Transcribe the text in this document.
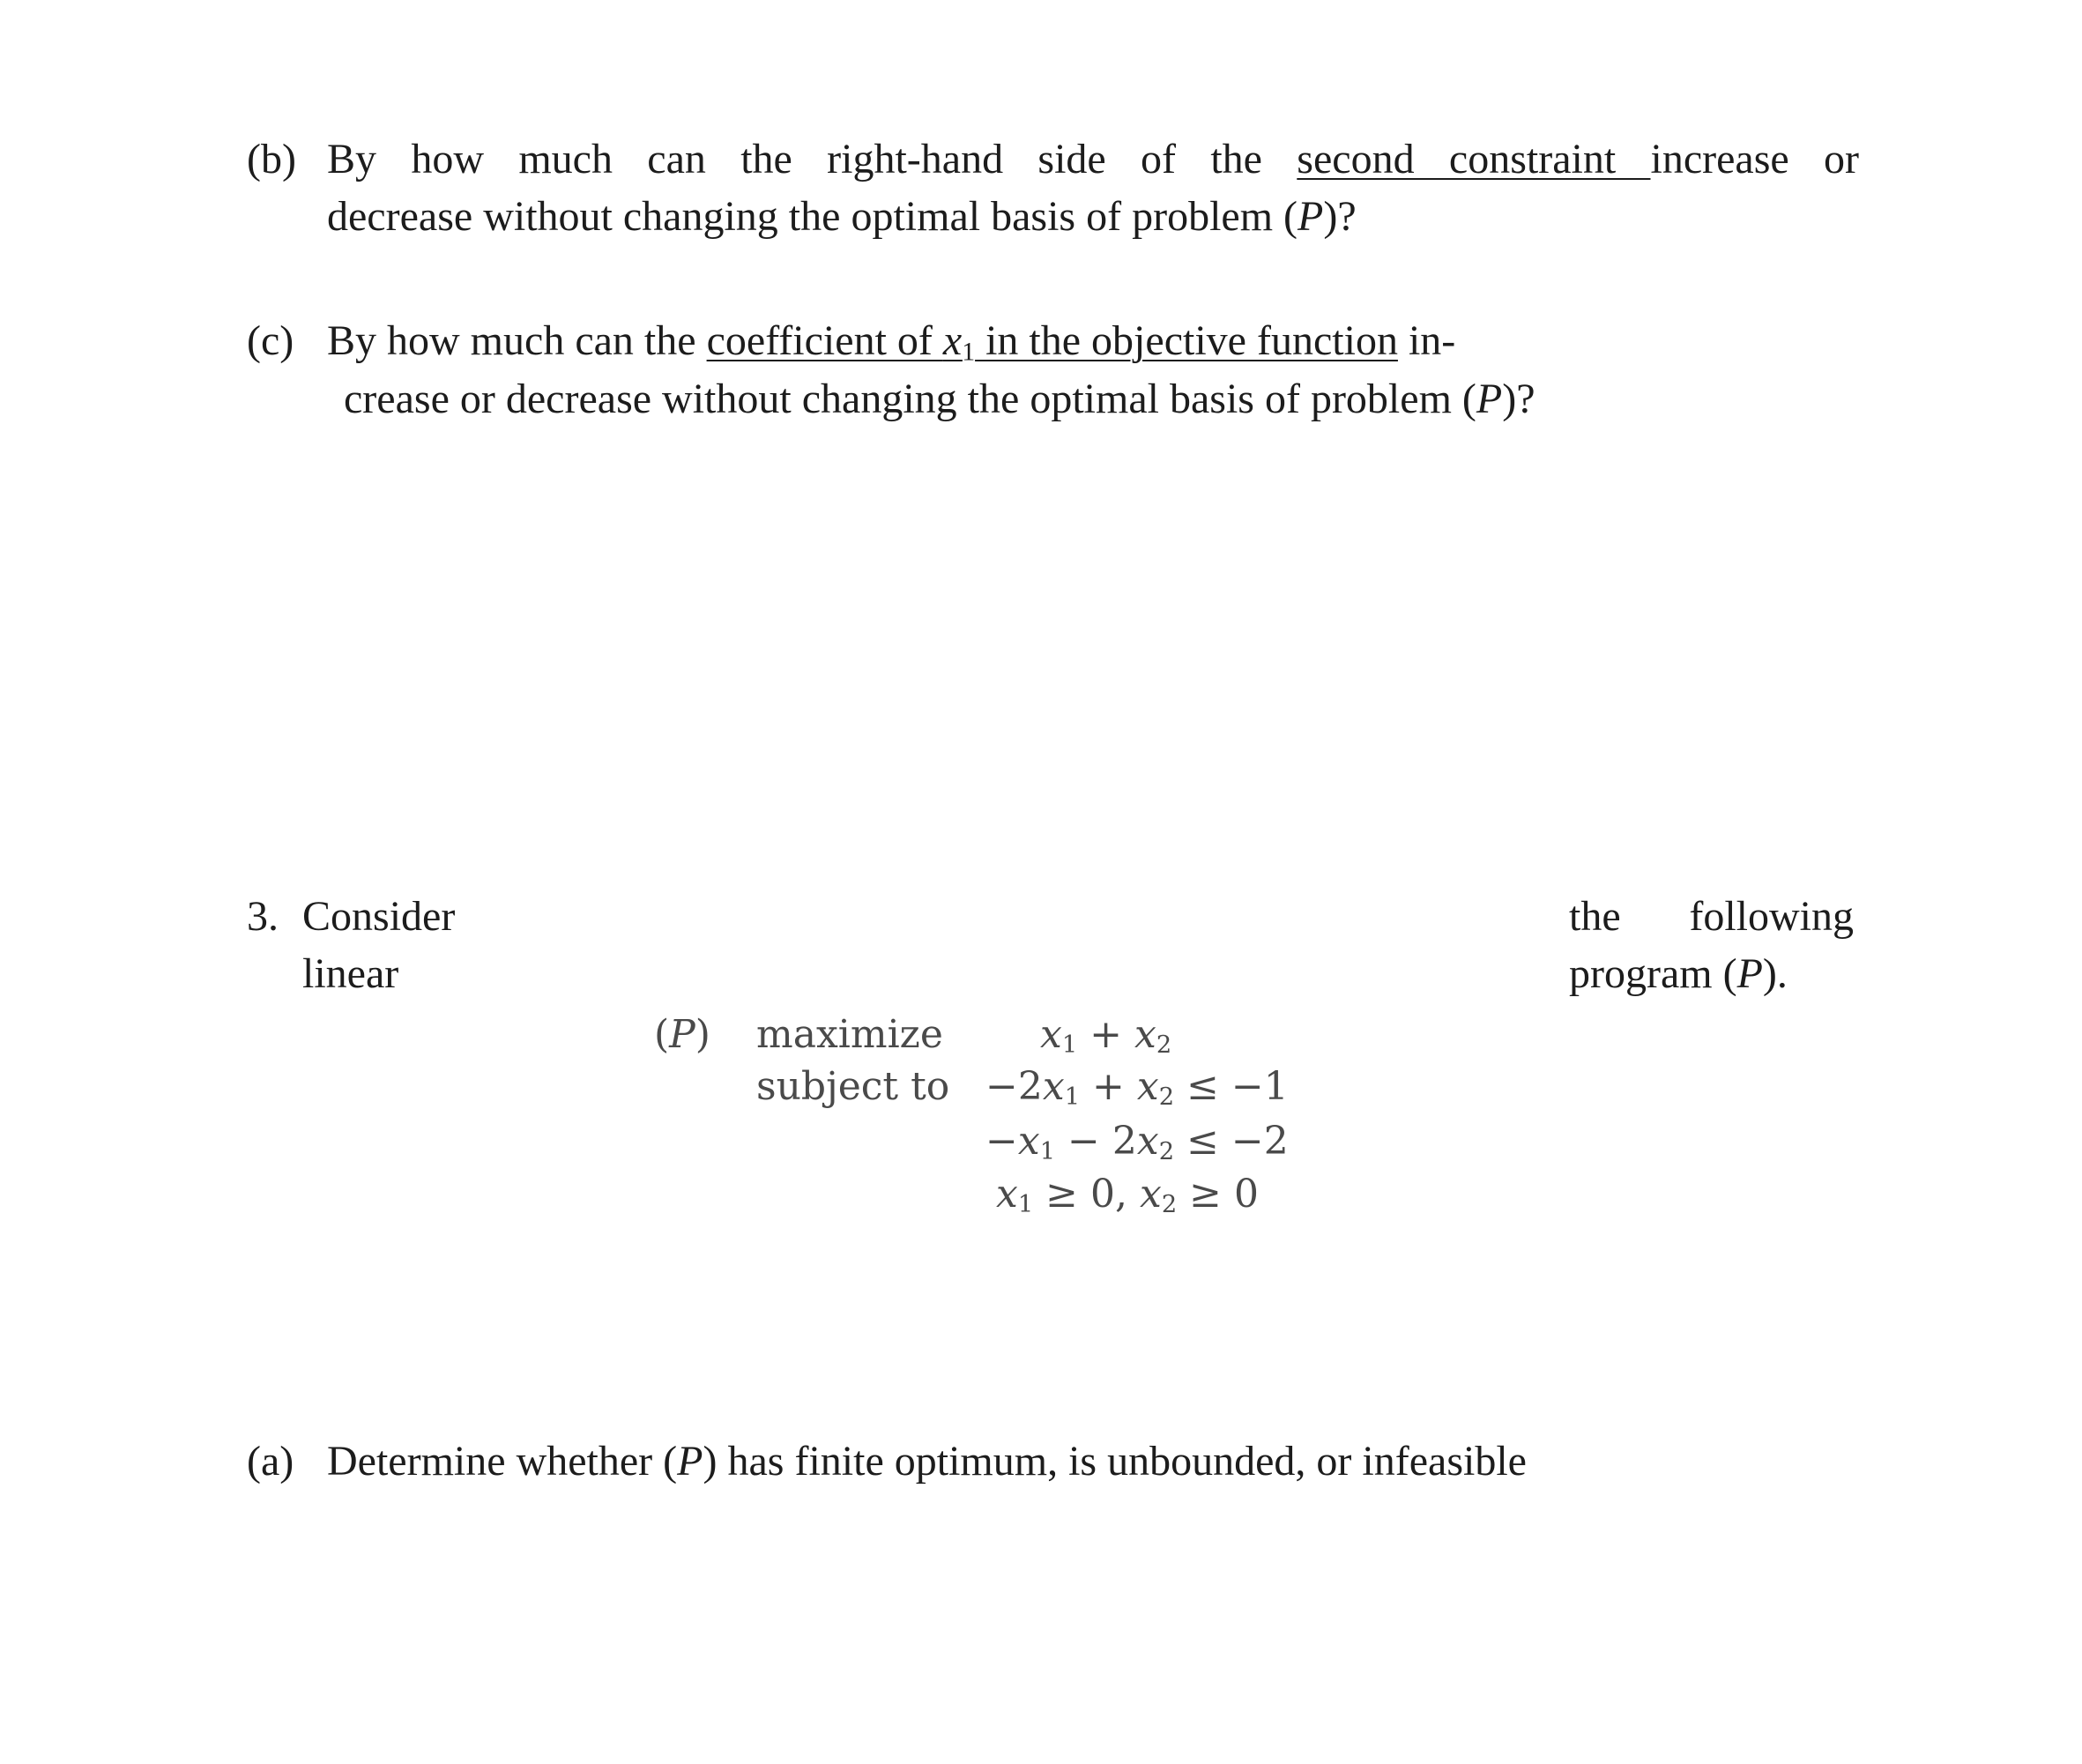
(b) By how much can the right-hand side of the second constraint increase or
decrease without changing the optimal basis of problem (P)?
(c) By how much can the coefficient of $x_1$ in the objective function in-
crease or decrease without changing the optimal basis of problem (P)?
3. Consider
linear
the following
program (P).
(P) maximize
subject to
$x_1 + x_2$
$-2x_1 + x_2 \le -1$
$-x_1 - 2x_2 \le -2$
$x_1 \ge 0$, $x_2 \ge 0$
(a) Determine whether (P) has finite optimum, is unbounded, or infeasible
